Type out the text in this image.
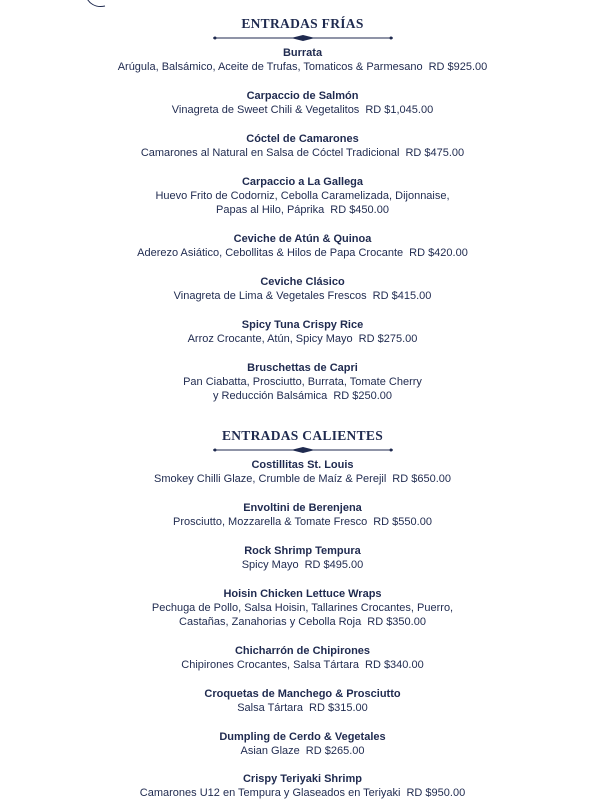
ENTRADAS FRÍAS
Burrata
Arúgula, Balsámico, Aceite de Trufas, Tomaticos & Parmesano RD $925.00
Carpaccio de Salmón
Vinagreta de Sweet Chili & Vegetalitos RD $1,045.00
Cóctel de Camarones
Camarones al Natural en Salsa de Cóctel Tradicional RD $475.00
Carpaccio a La Gallega
Huevo Frito de Codorniz, Cebolla Caramelizada, Dijonnaise,
Papas al Hilo, Páprika RD $450.00
Ceviche de Atún & Quinoa
Aderezo Asiático, Cebollitas & Hilos de Papa Crocante RD $420.00
Ceviche Clásico
Vinagreta de Lima & Vegetales Frescos RD $415.00
Spicy Tuna Crispy Rice
Arroz Crocante, Atún, Spicy Mayo RD $275.00
Bruschettas de Capri
Pan Ciabatta, Prosciutto, Burrata, Tomate Cherry
y Reducción Balsámica RD $250.00
ENTRADAS CALIENTES
Costillitas St. Louis
Smokey Chilli Glaze, Crumble de Maíz & Perejil RD $650.00
Envoltini de Berenjena
Prosciutto, Mozzarella & Tomate Fresco RD $550.00
Rock Shrimp Tempura
Spicy Mayo RD $495.00
Hoisin Chicken Lettuce Wraps
Pechuga de Pollo, Salsa Hoisin, Tallarines Crocantes, Puerro,
Castañas, Zanahorias y Cebolla Roja RD $350.00
Chicharrón de Chipirones
Chipirones Crocantes, Salsa Tártara RD $340.00
Croquetas de Manchego & Prosciutto
Salsa Tártara RD $315.00
Dumpling de Cerdo & Vegetales
Asian Glaze RD $265.00
Crispy Teriyaki Shrimp
Camarones U12 en Tempura y Glaseados en Teriyaki RD $950.00
